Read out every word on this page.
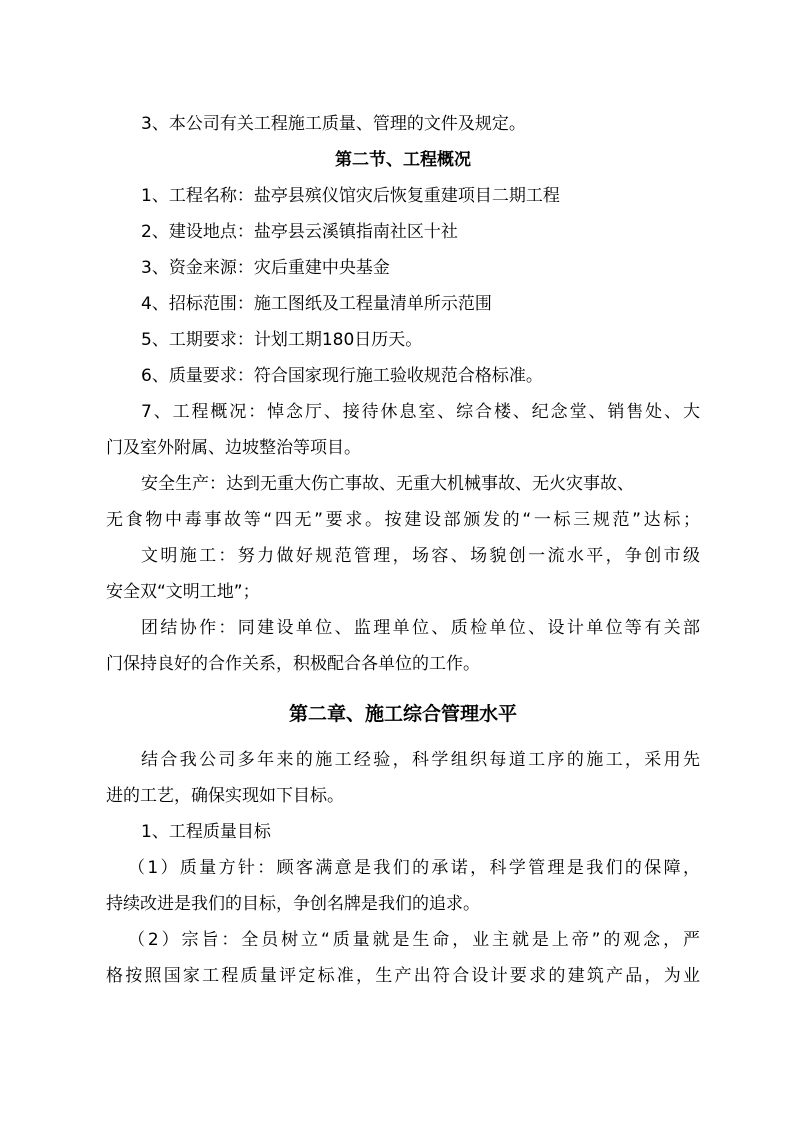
3、本公司有关工程施工质量、管理的文件及规定。

第二节、工程概况

1、工程名称：盐亭县殡仪馆灾后恢复重建项目二期工程

2、建设地点：盐亭县云溪镇指南社区十社

3、资金来源：灾后重建中央基金

4、招标范围：施工图纸及工程量清单所示范围

5、工期要求：计划工期180日历天。

6、质量要求：符合国家现行施工验收规范合格标准。

7、工程概况：悼念厅、接待休息室、综合楼、纪念堂、销售处、大

门及室外附属、边坡整治等项目。

安全生产：达到无重大伤亡事故、无重大机械事故、无火灾事故、

无食物中毒事故等“四无”要求。按建设部颁发的“一标三规范”达标；

文明施工：努力做好规范管理，场容、场貌创一流水平，争创市级

安全双“文明工地”；

团结协作：同建设单位、监理单位、质检单位、设计单位等有关部

门保持良好的合作关系，积极配合各单位的工作。

第二章、施工综合管理水平

结合我公司多年来的施工经验，科学组织每道工序的施工，采用先

进的工艺，确保实现如下目标。

1、工程质量目标

（1）质量方针：顾客满意是我们的承诺，科学管理是我们的保障，

持续改进是我们的目标，争创名牌是我们的追求。

（2）宗旨：全员树立“质量就是生命，业主就是上帝”的观念，严

格按照国家工程质量评定标准，生产出符合设计要求的建筑产品，为业
